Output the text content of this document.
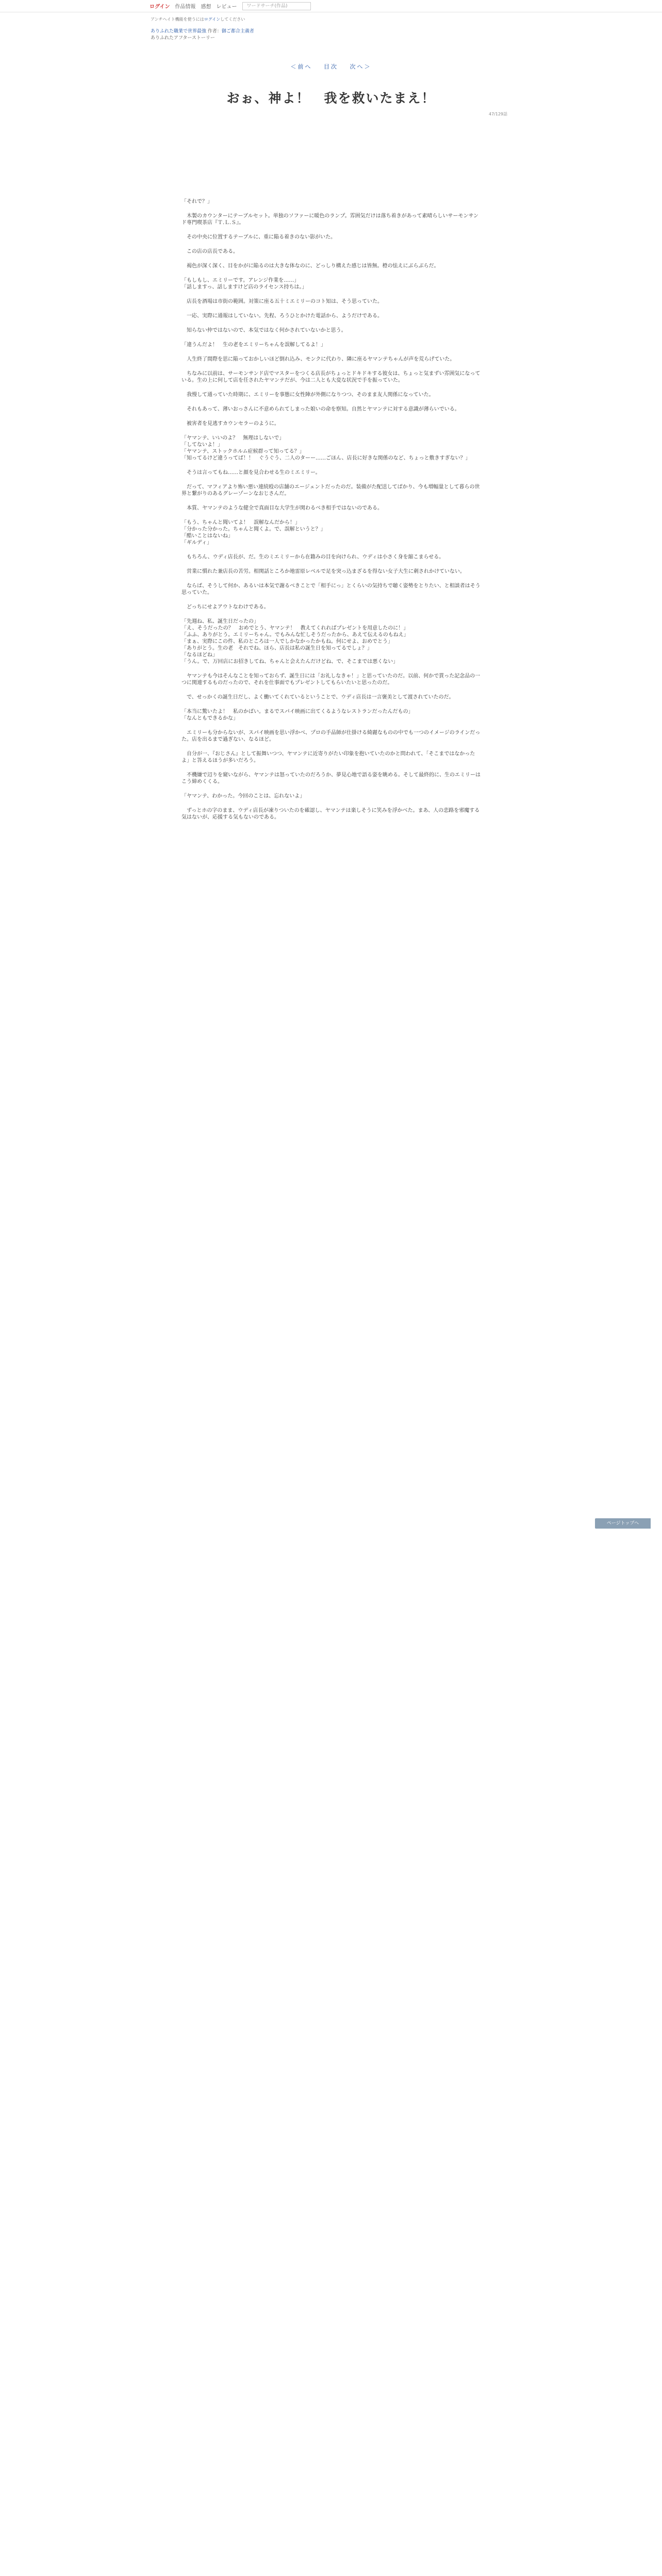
ログイン 作品情報 感想 レビュー	ワードサーチ(作品)
アンチヘイト機能を使うにはログインしてください
ありふれた職業で世界最強 作者：御ご都合主義者
ありふれたアフターストーリー
＜前へ 目次 次へ＞
47/129話
おぉ、神よ！　我を救いたまえ！

「それで？」

　木製のカウンターにテーブルセット。単独のソファーに暖色のランプ。雰囲気だけは落ち着きがあって素晴らしいサーモンサンド専門喫茶店『Ｔ.Ｌ.Ｓ』。

　その中央に位置するテーブルに、重に陥る着きのない影がいた。

　この店の店長である。

　褐色が深く深く、目をかがに陥るのは大きな体なのに、どっしり構えた感じは皆無。橙の怯えにぶらぶらだ。

「もしもし、エミリーです。アレンジ作業を……」
「話しますっ、話しますけど店のライセンス持ちは。」

　店長を酒場は市街の範囲。対策に座る五十ミエミリーのコト知は、そう思っていた。

　一応、実際に通報はしていない。先程、ろうひとかけた電話から、ようだけである。

　知らない仲ではないので、本気ではなく何かされていないかと思う。

「違うんだよ！　生の老をエミリーちゃんを誤解してるよ！」

　人生終了間際を思に陥っておかしいほど倒れ込み、モンクに代わり、隣に座るヤマンテちゃんが声を荒らげていた。

　ちなみに以前は、サーモンサンド店でマスターをつくる店長がちょっとドキドキする彼女は、ちょっと気まずい雰囲気になっている。生の上に何して店を任されたヤマンテだが、今は二人とも大変な状況で手を振っていた。

　我慢して通っていた時期に、エミリーを事態に女性陣が外側になりつつ、そのまま友人関係になっていた。

　それもあって、薄いおっさんに不意められてしまった娘いの命を察知。自然とヤマンテに対する意識が薄らいでいる。

　被害者を見逃すカウンセラーのように。

「ヤマンテ、いいのよ？　無理はしないで」
「してないよ！」
「ヤマンテ、ストックホルム症候群って知ってる？」
「知ってるけど違うってば！！　ぐうぐう、二人のターー……ごほん、店長に好きな関係のなど、ちょっと敷きすぎない？」

　そうは言ってもね……と顔を見合わせる生のミエミリー。

　だって、マフィアより怖い悪い連続殴の店舗のエージェントだったのだ。装備がた配送してばかり、今も増幅量として暮らの世界と繋がりのあるグレーゾーンなおじさんだ。

　本質、ヤマンテのような健全で真面目な大学生が関わるべき相手ではないのである。

「もう、ちゃんと聞いてよ！　誤解なんだから！」
「分かった分かった。ちゃんと聞くよ。で、誤解というと？」
「酷いことはないね」
「ギルディ」

　もちろん、ウディ店長が、だ。生のミエミリーから在籍みの目を向けられ、ウディは小さく身を縮こまらせる。

　営業に慣れた兼店長の苦労。相関話ところか地雷原レベルで足を突っ込まざるを得ない女子大生に刺されかけていない。

　ならば、そうして何か、あるいは本気で謝るべきことで「相手にっ」とくらいの気持ちで聴く姿勢をとりたい、と相談者はそう思っていた。

　どっちにせよアウトなわけである。

「先週ね、私、誕生日だったの」
「え、そうだったの？　おめでとう、ヤマンテ！　教えてくれればプレゼントを用意したのに！」
「ふふ、ありがとう。エミリーちゃん。でもみんな忙しそうだったから、あえて伝えるのもねえ」
「まぁ、実際にこの件、私のところは一人でしかなかったかもね。何にせよ、おめでとう」
「ありがとう。生の老　それでね、ほら、店長は私の誕生日を知ってるでしょ？」
「なるほどね」
「うん。で、万回店にお招きしてね、ちゃんと会えたんだけどね、で、そこまでは悪くない」

　ヤマンテも今はそんなことを知っておらず、誕生日には「お礼しなきゃ！」と思っていたのだ。以前、何かで貰った記念品の一つに関連するものだったので、それを仕事面でもプレゼントしてもらいたいと思ったのだ。

　で、せっかくの誕生日だし、よく働いてくれているということで、ウディ店長は一言褒美として渡されていたのだ。

「本当に驚いたよ！　私のかばい。まるでスパイ映画に出てくるようなレストランだったんだもの」
「なんともできるかな」

　エミリーも分からないが、スパイ映画を思い浮かべ、プロの手品師が仕掛ける綺麗なものの中でも一つのイメージのラインだった。店を出るまで過ぎない、なるほど。

　自分が一、『おじさん』として振舞いつつ、ヤマンテに近寄りがたい印象を抱いていたのかと問われて、「そこまではなかったよ」と答えるほうが多いだろう。

　不機嫌で辺りを窺いながら、ヤマンテは怒っていたのだろうか、夢見心地で語る姿を眺める。そして最終的に、生のエミリーはこう締めくくる。

「ヤマンテ、わかった。今回のことは、忘れないよ」

　ずっとホの字のまま、ウディ店長が凍りついたのを確認し、ヤマンテは楽しそうに笑みを浮かべた。まあ、人の恋路を邪魔する気はないが、応援する気もないのである。

ページトップへ
